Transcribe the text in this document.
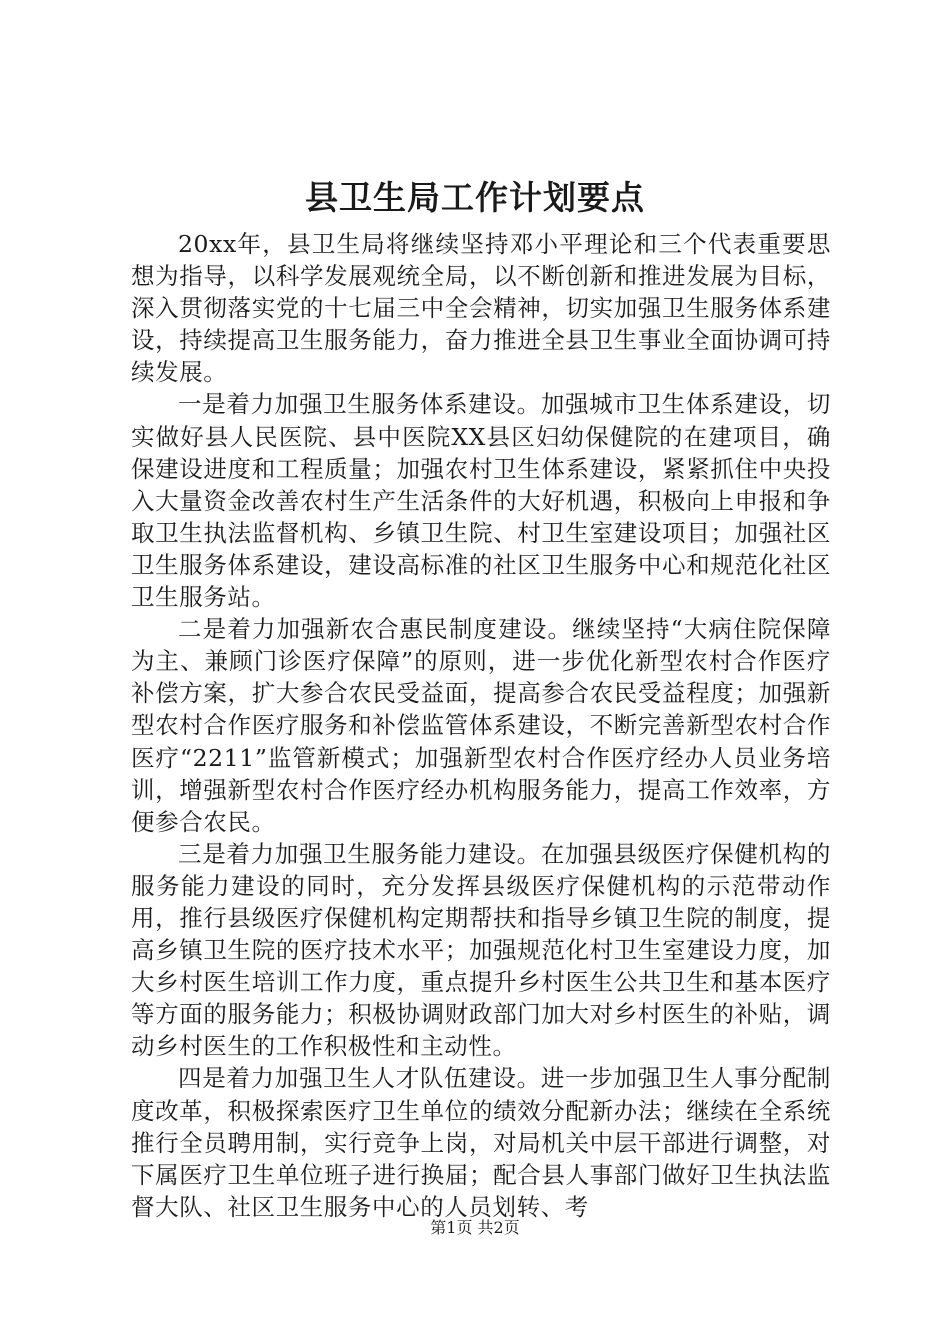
县卫生局工作计划要点

20xx年，县卫生局将继续坚持邓小平理论和三个代表重要思想为指导，以科学发展观统全局，以不断创新和推进发展为目标，深入贯彻落实党的十七届三中全会精神，切实加强卫生服务体系建设，持续提高卫生服务能力，奋力推进全县卫生事业全面协调可持续发展。

一是着力加强卫生服务体系建设。加强城市卫生体系建设，切实做好县人民医院、县中医院XX县区妇幼保健院的在建项目，确保建设进度和工程质量；加强农村卫生体系建设，紧紧抓住中央投入大量资金改善农村生产生活条件的大好机遇，积极向上申报和争取卫生执法监督机构、乡镇卫生院、村卫生室建设项目；加强社区卫生服务体系建设，建设高标准的社区卫生服务中心和规范化社区卫生服务站。

二是着力加强新农合惠民制度建设。继续坚持“大病住院保障为主、兼顾门诊医疗保障”的原则，进一步优化新型农村合作医疗补偿方案，扩大参合农民受益面，提高参合农民受益程度；加强新型农村合作医疗服务和补偿监管体系建设，不断完善新型农村合作医疗“2211”监管新模式；加强新型农村合作医疗经办人员业务培训，增强新型农村合作医疗经办机构服务能力，提高工作效率，方便参合农民。

三是着力加强卫生服务能力建设。在加强县级医疗保健机构的服务能力建设的同时，充分发挥县级医疗保健机构的示范带动作用，推行县级医疗保健机构定期帮扶和指导乡镇卫生院的制度，提高乡镇卫生院的医疗技术水平；加强规范化村卫生室建设力度，加大乡村医生培训工作力度，重点提升乡村医生公共卫生和基本医疗等方面的服务能力；积极协调财政部门加大对乡村医生的补贴，调动乡村医生的工作积极性和主动性。

四是着力加强卫生人才队伍建设。进一步加强卫生人事分配制度改革，积极探索医疗卫生单位的绩效分配新办法；继续在全系统推行全员聘用制，实行竞争上岗，对局机关中层干部进行调整，对下属医疗卫生单位班子进行换届；配合县人事部门做好卫生执法监督大队、社区卫生服务中心的人员划转、考

第1页 共2页
